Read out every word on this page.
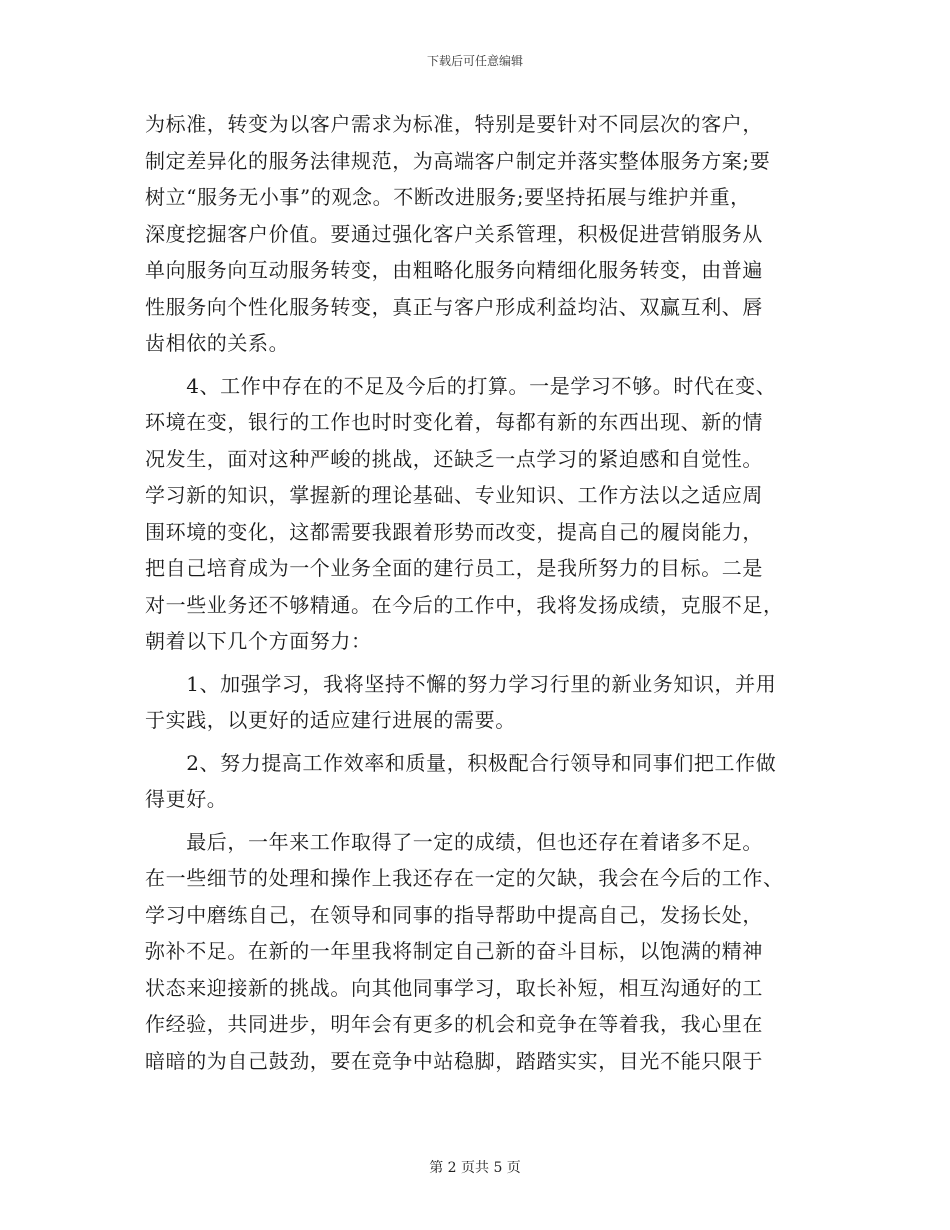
下载后可任意编辑
为标准，转变为以客户需求为标准，特别是要针对不同层次的客户，
制定差异化的服务法律规范，为高端客户制定并落实整体服务方案;要
树立“服务无小事”的观念。不断改进服务;要坚持拓展与维护并重，
深度挖掘客户价值。要通过强化客户关系管理，积极促进营销服务从
单向服务向互动服务转变，由粗略化服务向精细化服务转变，由普遍
性服务向个性化服务转变，真正与客户形成利益均沾、双赢互利、唇
齿相依的关系。
　　4、工作中存在的不足及今后的打算。一是学习不够。时代在变、
环境在变，银行的工作也时时变化着，每都有新的东西出现、新的情
况发生，面对这种严峻的挑战，还缺乏一点学习的紧迫感和自觉性。
学习新的知识，掌握新的理论基础、专业知识、工作方法以之适应周
围环境的变化，这都需要我跟着形势而改变，提高自己的履岗能力，
把自己培育成为一个业务全面的建行员工，是我所努力的目标。二是
对一些业务还不够精通。在今后的工作中，我将发扬成绩，克服不足，
朝着以下几个方面努力：
　　1、加强学习，我将坚持不懈的努力学习行里的新业务知识，并用
于实践，以更好的适应建行进展的需要。
　　2、努力提高工作效率和质量，积极配合行领导和同事们把工作做
得更好。
　　最后，一年来工作取得了一定的成绩，但也还存在着诸多不足。
在一些细节的处理和操作上我还存在一定的欠缺，我会在今后的工作、
学习中磨练自己，在领导和同事的指导帮助中提高自己，发扬长处，
弥补不足。在新的一年里我将制定自己新的奋斗目标，以饱满的精神
状态来迎接新的挑战。向其他同事学习，取长补短，相互沟通好的工
作经验，共同进步，明年会有更多的机会和竞争在等着我，我心里在
暗暗的为自己鼓劲，要在竞争中站稳脚，踏踏实实，目光不能只限于
第 2 页共 5 页
